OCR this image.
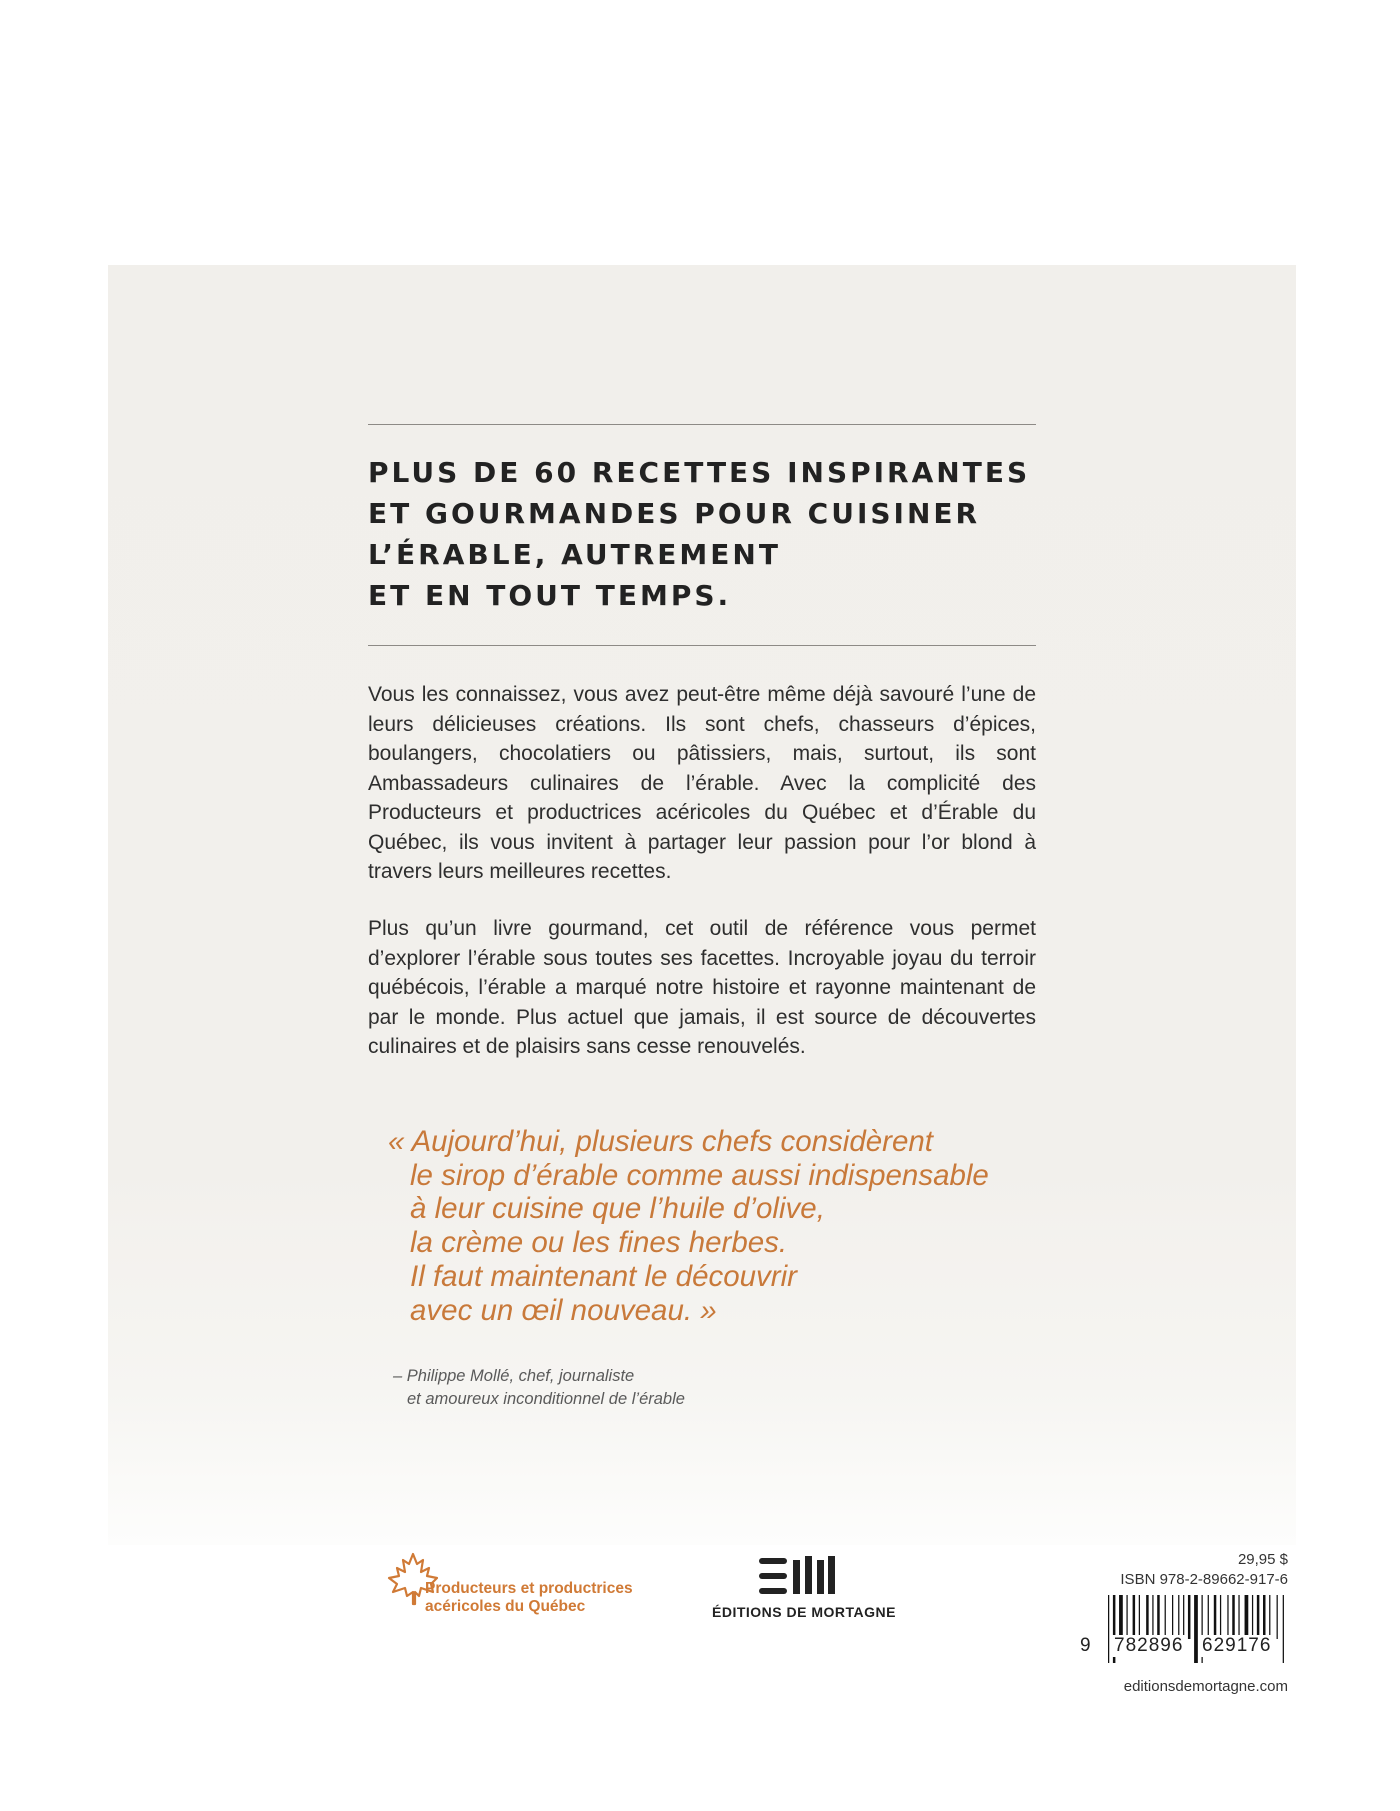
PLUS DE 60 RECETTES INSPIRANTES
ET GOURMANDES POUR CUISINER
L’ÉRABLE, AUTREMENT
ET EN TOUT TEMPS.

Vous les connaissez, vous avez peut-être même déjà savouré l’une de leurs délicieuses créations. Ils sont chefs, chasseurs d’épices, boulangers, chocolatiers ou pâtissiers, mais, surtout, ils sont Ambassadeurs culinaires de l’érable. Avec la complicité des Producteurs et productrices acéricoles du Québec et d’Érable du Québec, ils vous invitent à partager leur passion pour l’or blond à travers leurs meilleures recettes.

Plus qu’un livre gourmand, cet outil de référence vous permet d’explorer l’érable sous toutes ses facettes. Incroyable joyau du terroir québécois, l’érable a marqué notre histoire et rayonne maintenant de par le monde. Plus actuel que jamais, il est source de découvertes culinaires et de plaisirs sans cesse renouvelés.

« Aujourd’hui, plusieurs chefs considèrent
le sirop d’érable comme aussi indispensable
à leur cuisine que l’huile d’olive,
la crème ou les fines herbes.
Il faut maintenant le découvrir
avec un œil nouveau. »

– Philippe Mollé, chef, journaliste
et amoureux inconditionnel de l’érable

Producteurs et productrices
acéricoles du Québec	ÉDITIONS DE MORTAGNE
29,95 $
ISBN 978-2-89662-917-6
9 782896 629176
editionsdemortagne.com
